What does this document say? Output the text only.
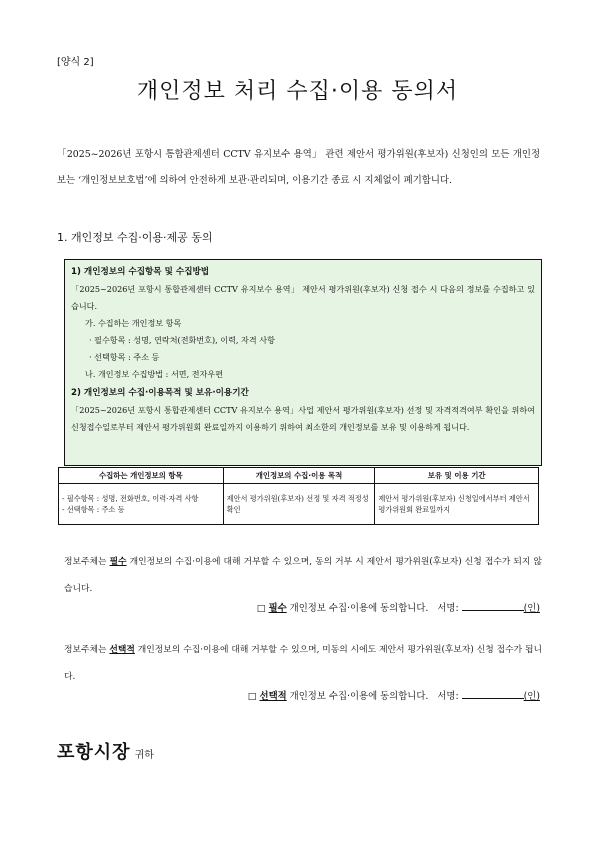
[양식 2]
개인정보 처리 수집·이용 동의서
「2025~2026년 포항시 통합관제센터 CCTV 유지보수 용역」 관련 제안서 평가위원(후보자) 신청인의 모든 개인정보는 ‘개인정보보호법’에 의하여 안전하게 보관·관리되며, 이용기간 종료 시 지체없이 폐기합니다.
1. 개인정보 수집·이용·제공 동의
1) 개인정보의 수집항목 및 수집방법
「2025~2026년 포항시 통합관제센터 CCTV 유지보수 용역」 제안서 평가위원(후보자) 신청 접수 시 다음의 정보를 수집하고 있습니다.
가. 수집하는 개인정보 항목
· 필수항목 : 성명, 연락처(전화번호), 이력, 자격 사항
· 선택항목 : 주소 등
나. 개인정보 수집방법 : 서면, 전자우편
2) 개인정보의 수집·이용목적 및 보유·이용기간
「2025~2026년 포항시 통합관제센터 CCTV 유지보수 용역」사업 제안서 평가위원(후보자) 선정 및 자격적격여부 확인을 위하여 신청접수일로부터 제안서 평가위원회 완료일까지 이용하기 위하여 최소한의 개인정보를 보유 및 이용하게 됩니다.
수집하는 개인정보의 항목	개인정보의 수집·이용 목적	보유 및 이용 기간
- 필수항목 : 성명, 전화번호, 이력·자격 사항
- 선택항목 : 주소 등	제안서 평가위원(후보자) 선정 및 자격 적정성 확인	제안서 평가위원(후보자) 신청일에서부터 제안서 평가위원회 완료일까지
정보주체는 필수 개인정보의 수집·이용에 대해 거부할 수 있으며, 동의 거부 시 제안서 평가위원(후보자) 신청 접수가 되지 않습니다.
□ 필수 개인정보 수집·이용에 동의합니다. 서명:	(인)
정보주체는 선택적 개인정보의 수집·이용에 대해 거부할 수 있으며, 미동의 시에도 제안서 평가위원(후보자) 신청 접수가 됩니다.
□ 선택적 개인정보 수집·이용에 동의합니다. 서명:	(인)
포항시장 귀하
